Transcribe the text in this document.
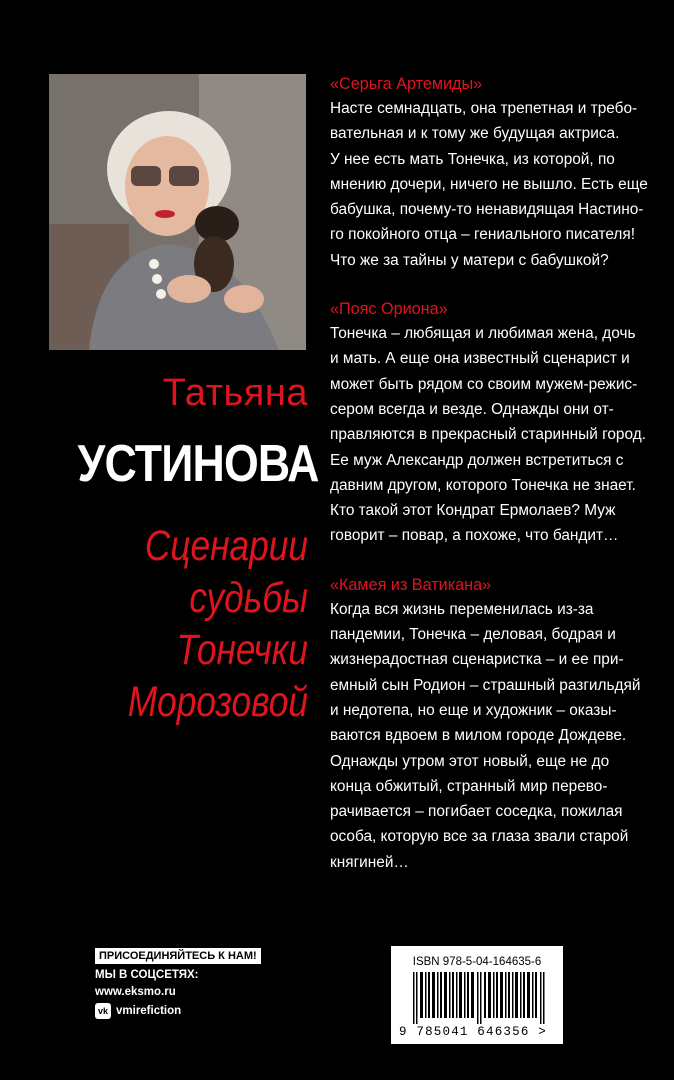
Татьяна
УСТИНОВА
Сценарии
судьбы
Тонечки
Морозовой

«Серьга Артемиды»

Насте семнадцать, она трепетная и требо-
вательная и к тому же будущая актриса.
У нее есть мать Тонечка, из которой, по
мнению дочери, ничего не вышло. Есть еще
бабушка, почему-то ненавидящая Настино-
го покойного отца – гениального писателя!
Что же за тайны у матери с бабушкой?

«Пояс Ориона»

Тонечка – любящая и любимая жена, дочь
и мать. А еще она известный сценарист и
может быть рядом со своим мужем-режис-
сером всегда и везде. Однажды они от-
правляются в прекрасный старинный город.
Ее муж Александр должен встретиться с
давним другом, которого Тонечка не знает.
Кто такой этот Кондрат Ермолаев? Муж
говорит – повар, а похоже, что бандит…

«Камея из Ватикана»

Когда вся жизнь переменилась из-за
пандемии, Тонечка – деловая, бодрая и
жизнерадостная сценаристка – и ее при-
емный сын Родион – страшный разгильдяй
и недотепа, но еще и художник – оказы-
ваются вдвоем в милом городе Дождеве.
Однажды утром этот новый, еще не до
конца обжитый, странный мир перево-
рачивается – погибает соседка, пожилая
особа, которую все за глаза звали старой
княгиней…
ПРИСОЕДИНЯЙТЕСЬ К НАМ!
МЫ В СОЦСЕТЯХ:
www.eksmo.ru
vk vmirefiction
ISBN 978-5-04-164635-6
9 785041 646356 >
